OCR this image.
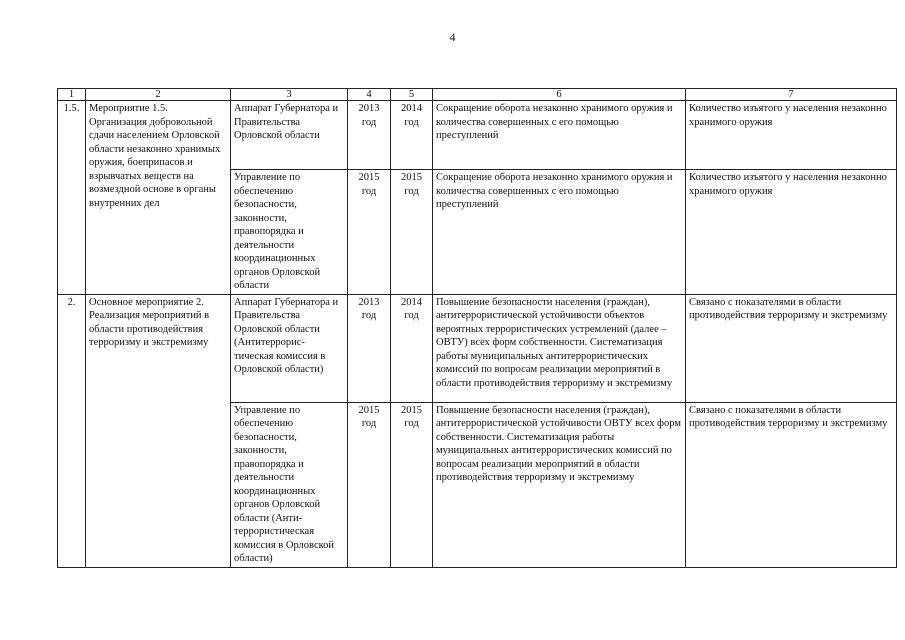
4
1	2	3	4	5	6	7
1.5.	Мероприятие 1.5. Организация добровольной сдачи населением Орловской области незаконно хранимых оружия, боеприпасов и взрывчатых веществ на возмездной основе в органы внутренних дел	Аппарат Губернатора и Правительства Орловской области	2013 год	2014 год	Сокращение оборота незаконно хранимого оружия и количества совершенных с его помощью преступлений	Количество изъятого у населения незаконно хранимого оружия
		Управление по обеспечению безопасности, законности, правопорядка и деятельности координационных органов Орловской области	2015 год	2015 год	Сокращение оборота незаконно хранимого оружия и количества совершенных с его помощью преступлений	Количество изъятого у населения незаконно хранимого оружия
2.	Основное мероприятие 2. Реализация мероприятий в области противодействия терроризму и экстремизму	Аппарат Губернатора и Правительства Орловской области (Антитеррорис-тическая комиссия в Орловской области)	2013 год	2014 год	Повышение безопасности населения (граждан), антитеррористической устойчивости объектов вероятных террористических устремлений (далее – ОВТУ) всех форм собственности. Систематизация работы муниципальных антитеррористических комиссий по вопросам реализации мероприятий в области противодействия терроризму и экстремизму	Связано с показателями в области противодействия терроризму и экстремизму
		Управление по обеспечению безопасности, законности, правопорядка и деятельности координационных органов Орловской области (Анти-террористическая комиссия в Орловской области)	2015 год	2015 год	Повышение безопасности населения (граждан), антитеррористической устойчивости ОВТУ всех форм собственности. Систематизация работы муниципальных антитеррористических комиссий по вопросам реализации мероприятий в области противодействия терроризму и экстремизму	Связано с показателями в области противодействия терроризму и экстремизму
